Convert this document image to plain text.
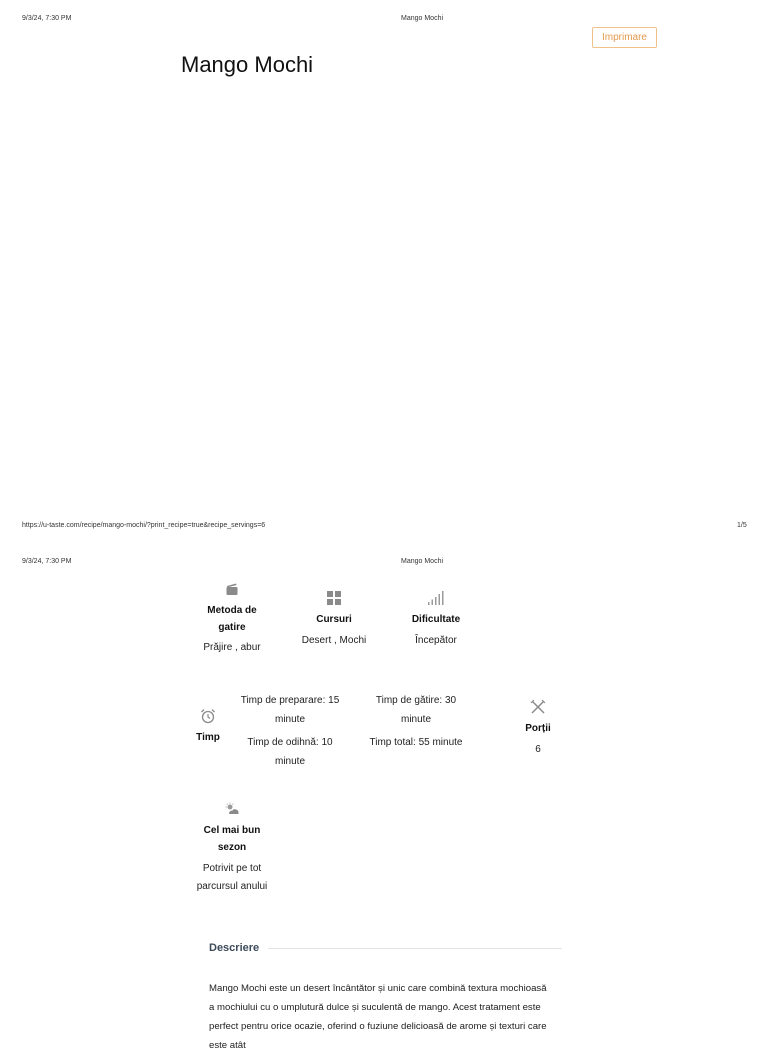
9/3/24, 7:30 PM	Mango Mochi
Imprimare
Mango Mochi
https://u-taste.com/recipe/mango-mochi/?print_recipe=true&recipe_servings=6	1/5
9/3/24, 7:30 PM	Mango Mochi
Metoda de gatire
Prăjire , abur
Cursuri
Desert , Mochi
Dificultate
Începător
Timp
Timp de preparare: 15 minute
Timp de gătire: 30 minute
Timp de odihnă: 10 minute
Timp total: 55 minute
Porții
6
Cel mai bun sezon
Potrivit pe tot parcursul anului
Descriere
Mango Mochi este un desert încântător și unic care combină textura mochioasă a mochiului cu o umplutură dulce și suculentă de mango. Acest tratament este perfect pentru orice ocazie, oferind o fuziune delicioasă de arome și texturi care este atât
